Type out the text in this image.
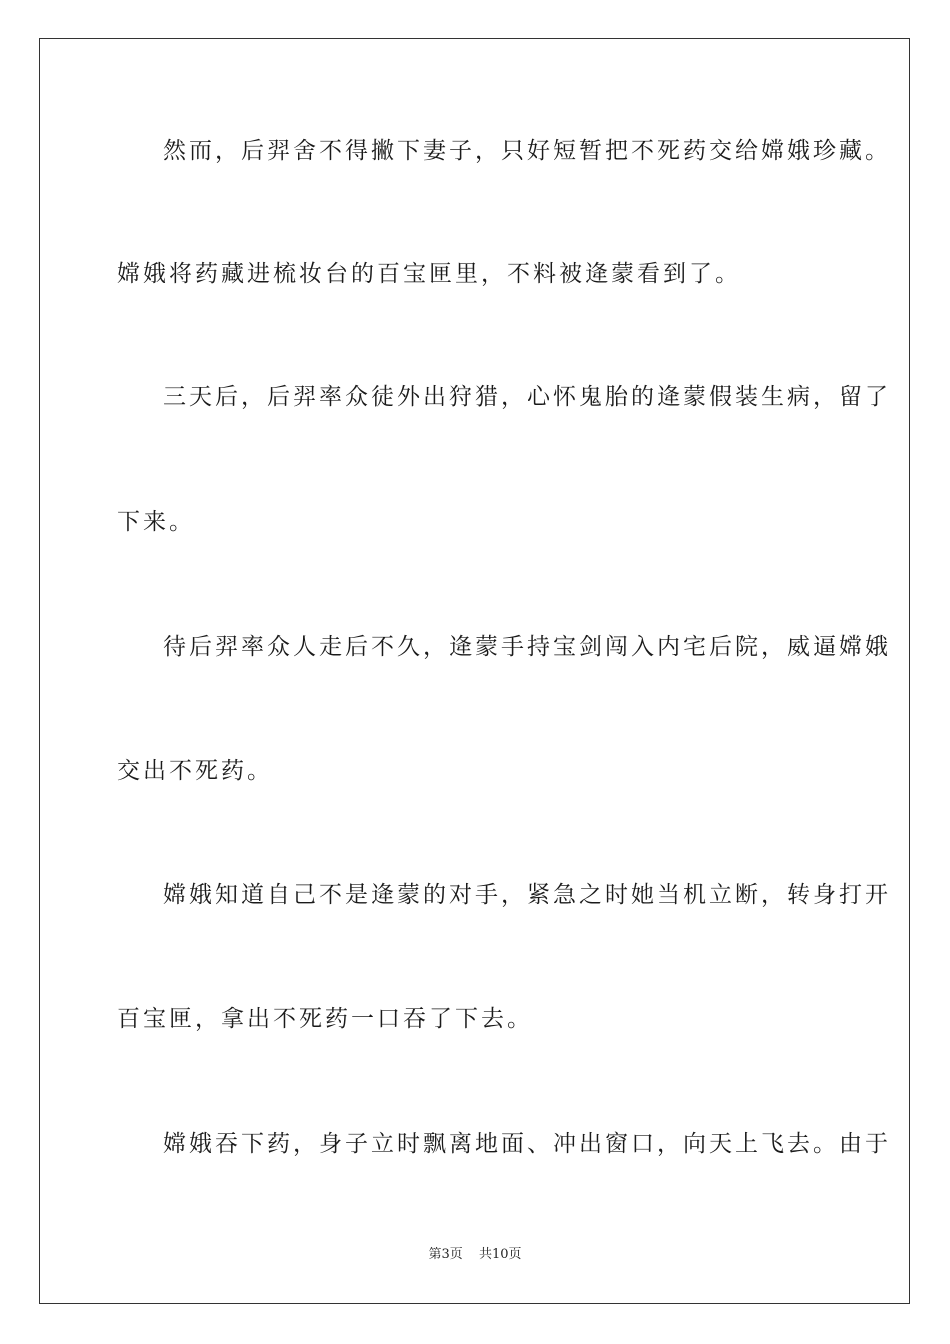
然而，后羿舍不得撇下妻子，只好短暂把不死药交给嫦娥珍藏。
嫦娥将药藏进梳妆台的百宝匣里，不料被逄蒙看到了。
三天后，后羿率众徒外出狩猎，心怀鬼胎的逄蒙假装生病，留了
下来。
待后羿率众人走后不久，逄蒙手持宝剑闯入内宅后院，威逼嫦娥
交出不死药。
嫦娥知道自己不是逄蒙的对手，紧急之时她当机立断，转身打开
百宝匣，拿出不死药一口吞了下去。
嫦娥吞下药，身子立时飘离地面、冲出窗口，向天上飞去。由于
第3页 共10页
